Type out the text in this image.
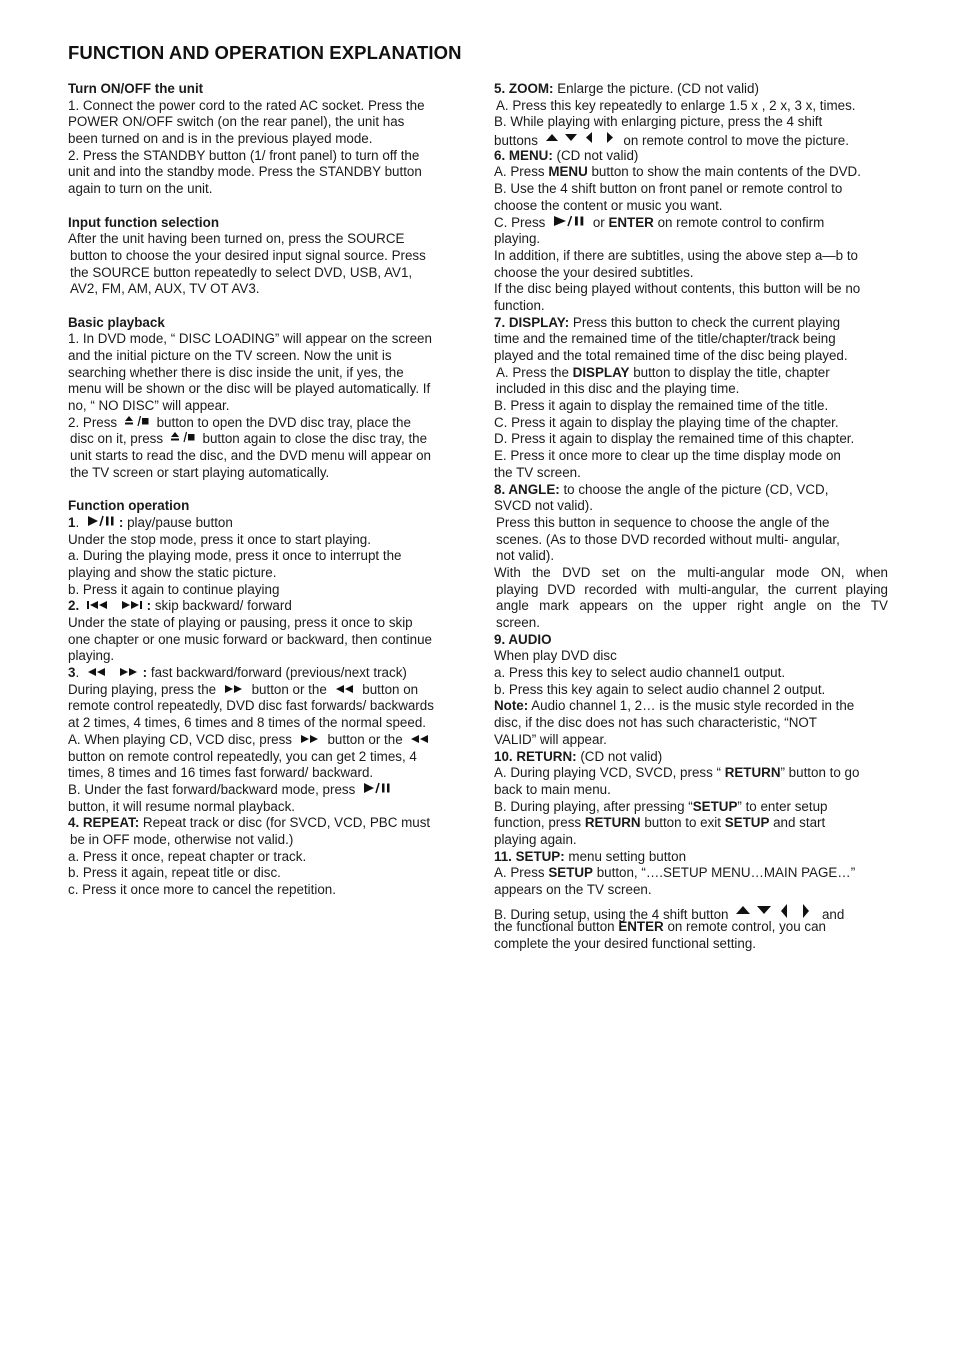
FUNCTION AND OPERATION EXPLANATION
Turn ON/OFF the unit
1. Connect the power cord to the rated AC socket. Press the
POWER ON/OFF switch (on the rear panel), the unit has
been turned on and is in the previous played mode.
2. Press the STANDBY button (1/ front panel) to turn off the
unit and into the standby mode. Press the STANDBY button
again to turn on the unit.
Input function selection
After the unit having been turned on, press the SOURCE
button to choose the your desired input signal source. Press
the SOURCE button repeatedly to select DVD, USB, AV1,
AV2, FM, AM, AUX, TV OT AV3.
Basic playback
1. In DVD mode, “ DISC LOADING” will appear on the screen
and the initial picture on the TV screen. Now the unit is
searching whether there is disc inside the unit, if yes, the
menu will be shown or the disc will be played automatically. If
no, “ NO DISC” will appear.
2. Press	button to open the DVD disc tray, place the
disc on it, press	button again to close the disc tray, the
unit starts to read the disc, and the DVD menu will appear on
the TV screen or start playing automatically.
Function operation
1.	: play/pause button
Under the stop mode, press it once to start playing.
a. During the playing mode, press it once to interrupt the
playing and show the static picture.
b. Press it again to continue playing
2.
	: skip backward/ forward
Under the state of playing or pausing, press it once to skip
one chapter or one music forward or backward, then continue
playing.
3.
	: fast backward/forward (previous/next track)
During playing, press the	button or the	button on
remote control repeatedly, DVD disc fast forwards/ backwards
at 2 times, 4 times, 6 times and 8 times of the normal speed.
A. When playing CD, VCD disc, press	button or the
button on remote control repeatedly, you can get 2 times, 4
times, 8 times and 16 times fast forward/ backward.
B. Under the fast forward/backward mode, press
button, it will resume normal playback.
4. REPEAT: Repeat track or disc (for SVCD, VCD, PBC must
be in OFF mode, otherwise not valid.)
a. Press it once, repeat chapter or track.
b. Press it again, repeat title or disc.
c. Press it once more to cancel the repetition.
5. ZOOM: Enlarge the picture. (CD not valid)
A. Press this key repeatedly to enlarge 1.5 x , 2 x, 3 x, times.
B. While playing with enlarging picture, press the 4 shift
buttons	on remote control to move the picture.
6. MENU: (CD not valid)
A. Press MENU button to show the main contents of the DVD.
B. Use the 4 shift button on front panel or remote control to
choose the content or music you want.
C. Press	or ENTER on remote control to confirm
playing.
In addition, if there are subtitles, using the above step a—b to
choose the your desired subtitles.
If the disc being played without contents, this button will be no
function.
7. DISPLAY: Press this button to check the current playing
time and the remained time of the title/chapter/track being
played and the total remained time of the disc being played.
A. Press the DISPLAY button to display the title, chapter
included in this disc and the playing time.
B. Press it again to display the remained time of the title.
C. Press it again to display the playing time of the chapter.
D. Press it again to display the remained time of this chapter.
E. Press it once more to clear up the time display mode on
the TV screen.
8. ANGLE: to choose the angle of the picture (CD, VCD,
SVCD not valid).
Press this button in sequence to choose the angle of the
scenes. (As to those DVD recorded without multi- angular,
not valid).
With the DVD set on the multi-angular mode ON, when
playing DVD recorded with multi-angular, the current playing
angle mark appears on the upper right angle on the TV
screen.
9. AUDIO
When play DVD disc
a. Press this key to select audio channel1 output.
b. Press this key again to select audio channel 2 output.
Note: Audio channel 1, 2… is the music style recorded in the
disc, if the disc does not has such characteristic, “NOT
VALID” will appear.
10. RETURN: (CD not valid)
A. During playing VCD, SVCD, press “ RETURN” button to go
back to main menu.
B. During playing, after pressing “SETUP” to enter setup
function, press RETURN button to exit SETUP and start
playing again.
11. SETUP: menu setting button
A. Press SETUP button, “….SETUP MENU…MAIN PAGE…”
appears on the TV screen.
B. During setup, using the 4 shift button	and
the functional button ENTER on remote control, you can
complete the your desired functional setting.
